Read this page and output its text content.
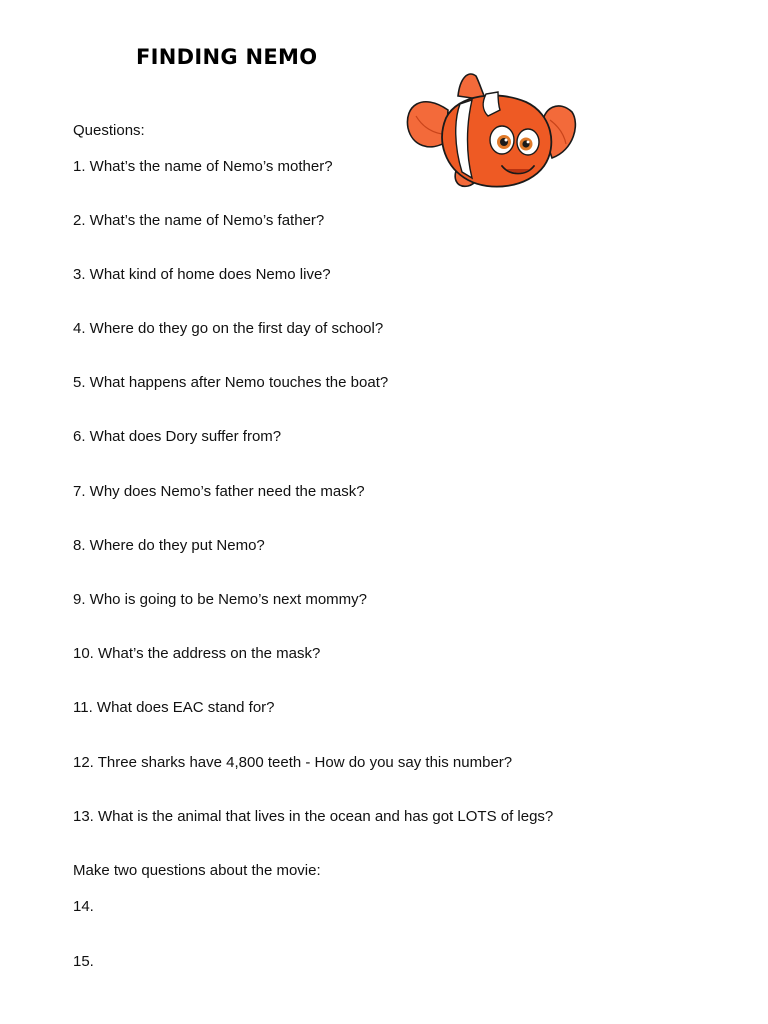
FINDING NEMO
Questions:
1. What’s the name of Nemo’s mother?
2. What’s the name of Nemo’s father?
3. What kind of home does Nemo live?
4. Where do they go on the first day of school?
5. What happens after Nemo touches the boat?
6. What does Dory suffer from?
7. Why does Nemo’s father need the mask?
8. Where do they put Nemo?
9. Who is going to be Nemo’s next mommy?
10. What’s the address on the mask?
11. What does EAC stand for?
12. Three sharks have 4,800 teeth - How do you say this number?
13. What is the animal that lives in the ocean and has got LOTS of legs?
Make two questions about the movie:
14.
15.
